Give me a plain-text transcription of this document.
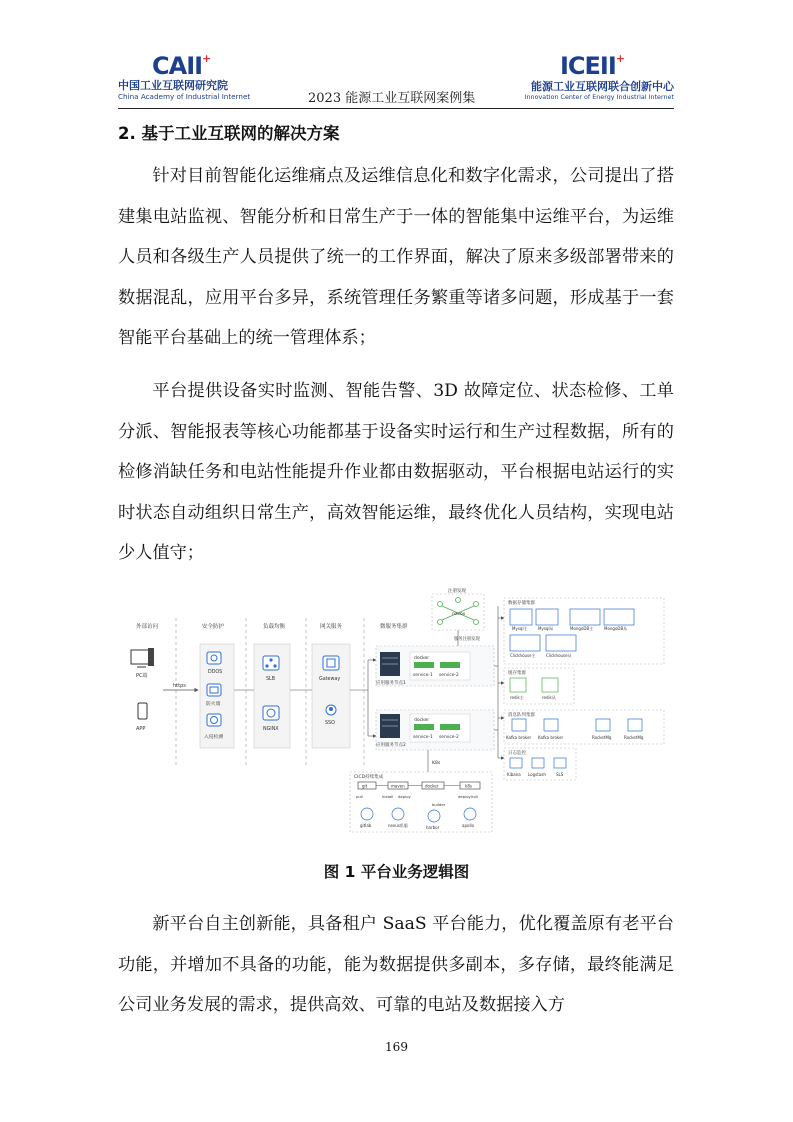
CAII+
中国工业互联网研究院
China Academy of Industrial Internet	2023 能源工业互联网案例集
ICEII+
能源工业互联网联合创新中心
Innovation Center of Energy Industrial Internet
2. 基于工业互联网的解决方案

针对目前智能化运维痛点及运维信息化和数字化需求，公司提出了搭建集电站监视、智能分析和日常生产于一体的智能集中运维平台，为运维人员和各级生产人员提供了统一的工作界面，解决了原来多级部署带来的数据混乱，应用平台多异，系统管理任务繁重等诸多问题，形成基于一套智能平台基础上的统一管理体系；

平台提供设备实时监测、智能告警、3D 故障定位、状态检修、工单分派、智能报表等核心功能都基于设备实时运行和生产过程数据，所有的检修消缺任务和电站性能提升作业都由数据驱动，平台根据电站运行的实时状态自动组织日常生产，高效智能运维，最终优化人员结构，实现电站少人值守；

外部访问	安全防护	负载均衡	网关服务	微服务集群
PC端
APP
https
DDOS
防火墙
入侵检测
SLB
NGINX
Gateway
SSO
应用服务节点1
docker
service-1 service-2
应用服务节点2
docker
service-1 service-2
注册发现
nacos
服务注册发现
数据存储集群
Mysql主	Mysql从	MongoDB主	MongoDB从
Clickhouse主	Clickhouse从
缓存集群
redis主	redis从
消息队列集群
Kafka broker Kafka broker	RocketMq	RocketMq
日志监控
Kibana Logstash	SLS
K8s
CICD持续集成
git	maven	docker	k8s
pull	install deploy
builder
deploy/roll
gitlab	nexus私服	harbor	apollo
图 1 平台业务逻辑图

新平台自主创新能，具备租户 SaaS 平台能力，优化覆盖原有老平台功能，并增加不具备的功能，能为数据提供多副本，多存储，最终能满足公司业务发展的需求，提供高效、可靠的电站及数据接入方

169
